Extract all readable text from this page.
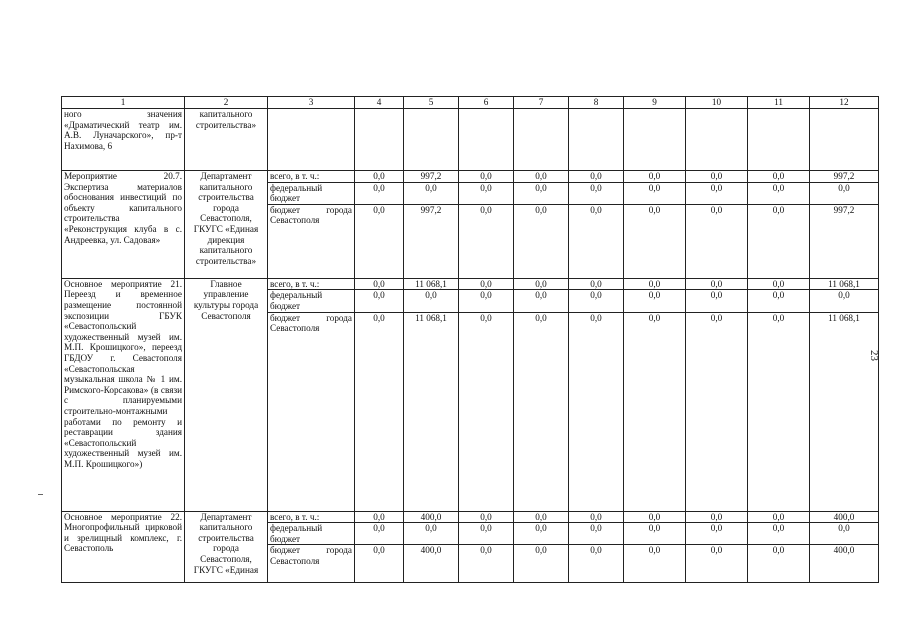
1	2	3	4	5	6	7	8	9	10	11	12
ного значения «Драматический театр им. А.В. Луначарского», пр-т Нахимова, 6	капитального строительства»										
Мероприятие 20.7. Экспертиза материалов обоснования инвестиций по объекту капитального строительства «Реконструкция клуба в с. Андреевка, ул. Садовая»	Департамент капитального строительства города Севастополя, ГКУГС «Единая дирекция капитального строительства»	всего, в т. ч.:	0,0	997,2	0,0	0,0	0,0	0,0	0,0	0,0	997,2
		федеральный бюджет	0,0	0,0	0,0	0,0	0,0	0,0	0,0	0,0	0,0
		бюджет города Севастополя	0,0	997,2	0,0	0,0	0,0	0,0	0,0	0,0	997,2
Основное мероприятие 21. Переезд и временное размещение постоянной экспозиции ГБУК «Севастопольский художественный музей им. М.П. Крошицкого», переезд ГБДОУ г. Севастополя «Севастопольская музыкальная школа № 1 им. Римского-Корсакова» (в связи с планируемыми строительно-монтажными работами по ремонту и реставрации здания «Севастопольский художественный музей им. М.П. Крошицкого»)	Главное управление культуры города Севастополя	всего, в т. ч.:	0,0	11 068,1	0,0	0,0	0,0	0,0	0,0	0,0	11 068,1
		федеральный бюджет	0,0	0,0	0,0	0,0	0,0	0,0	0,0	0,0	0,0
		бюджет города Севастополя	0,0	11 068,1	0,0	0,0	0,0	0,0	0,0	0,0	11 068,1
Основное мероприятие 22. Многопрофильный цирковой и зрелищный комплекс, г. Севастополь	Департамент капитального строительства города Севастополя, ГКУГС «Единая	всего, в т. ч.:	0,0	400,0	0,0	0,0	0,0	0,0	0,0	0,0	400,0
		федеральный бюджет	0,0	0,0	0,0	0,0	0,0	0,0	0,0	0,0	0,0
		бюджет города Севастополя	0,0	400,0	0,0	0,0	0,0	0,0	0,0	0,0	400,0
23
